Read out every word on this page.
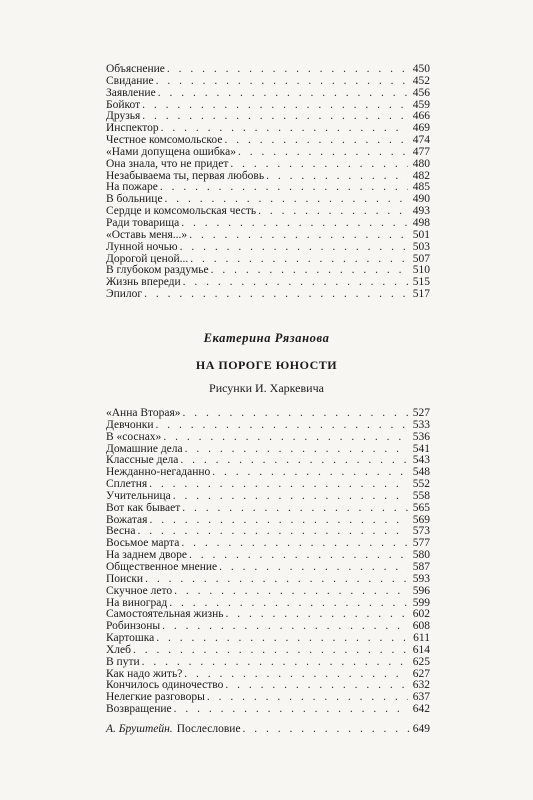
Объяснение . . .	450
Свидание . . .	452
Заявление . . .	456
Бойкот . . .	459
Друзья . . .	466
Инспектор . . .	469
Честное комсомольское . . .	474
«Нами допущена ошибка» . . .	477
Она знала, что не придет . . .	480
Незабываема ты, первая любовь . . .	482
На пожаре . . .	485
В больнице . . .	490
Сердце и комсомольская честь . . .	493
Ради товарища . . .	498
«Оставь меня...» . . .	501
Лунной ночью . . .	503
Дорогой ценой... . . .	507
В глубоком раздумье . . .	510
Жизнь впереди . . .	515
Эпилог . . .	517
Екатерина Рязанова
НА ПОРОГЕ ЮНОСТИ
Рисунки И. Харкевича
«Анна Вторая» . . .	527
Девчонки . . .	533
В «соснах» . . .	536
Домашние дела . . .	541
Классные дела . . .	543
Нежданно-негаданно . . .	548
Сплетня . . .	552
Учительница . . .	558
Вот как бывает . . .	565
Вожатая . . .	569
Весна . . .	573
Восьмое марта . . .	577
На заднем дворе . . .	580
Общественное мнение . . .	587
Поиски . . .	593
Скучное лето . . .	596
На виноград . . .	599
Самостоятельная жизнь . . .	602
Робинзоны . . .	608
Картошка . . .	611
Хлеб . . .	614
В пути . . .	625
Как надо жить? . . .	627
Кончилось одиночество . . .	632
Нелегкие разговоры . . .	637
Возвращение . . .	642
А. Бруштейн. Послесловие . . .	649
